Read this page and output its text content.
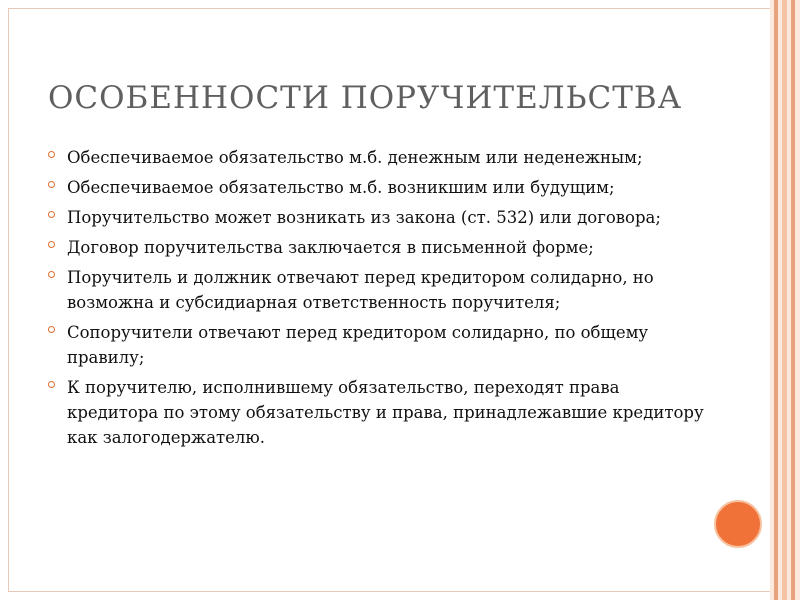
ОСОБЕННОСТИ ПОРУЧИТЕЛЬСТВА
Обеспечиваемое обязательство м.б. денежным или неденежным;
Обеспечиваемое обязательство м.б. возникшим или будущим;
Поручительство может возникать из закона (ст. 532) или договора;
Договор поручительства заключается в письменной форме;
Поручитель и должник отвечают перед кредитором солидарно, но возможна и субсидиарная ответственность поручителя;
Сопоручители отвечают перед кредитором солидарно, по общему правилу;
К поручителю, исполнившему обязательство, переходят права кредитора по этому обязательству и права, принадлежавшие кредитору как залогодержателю.
